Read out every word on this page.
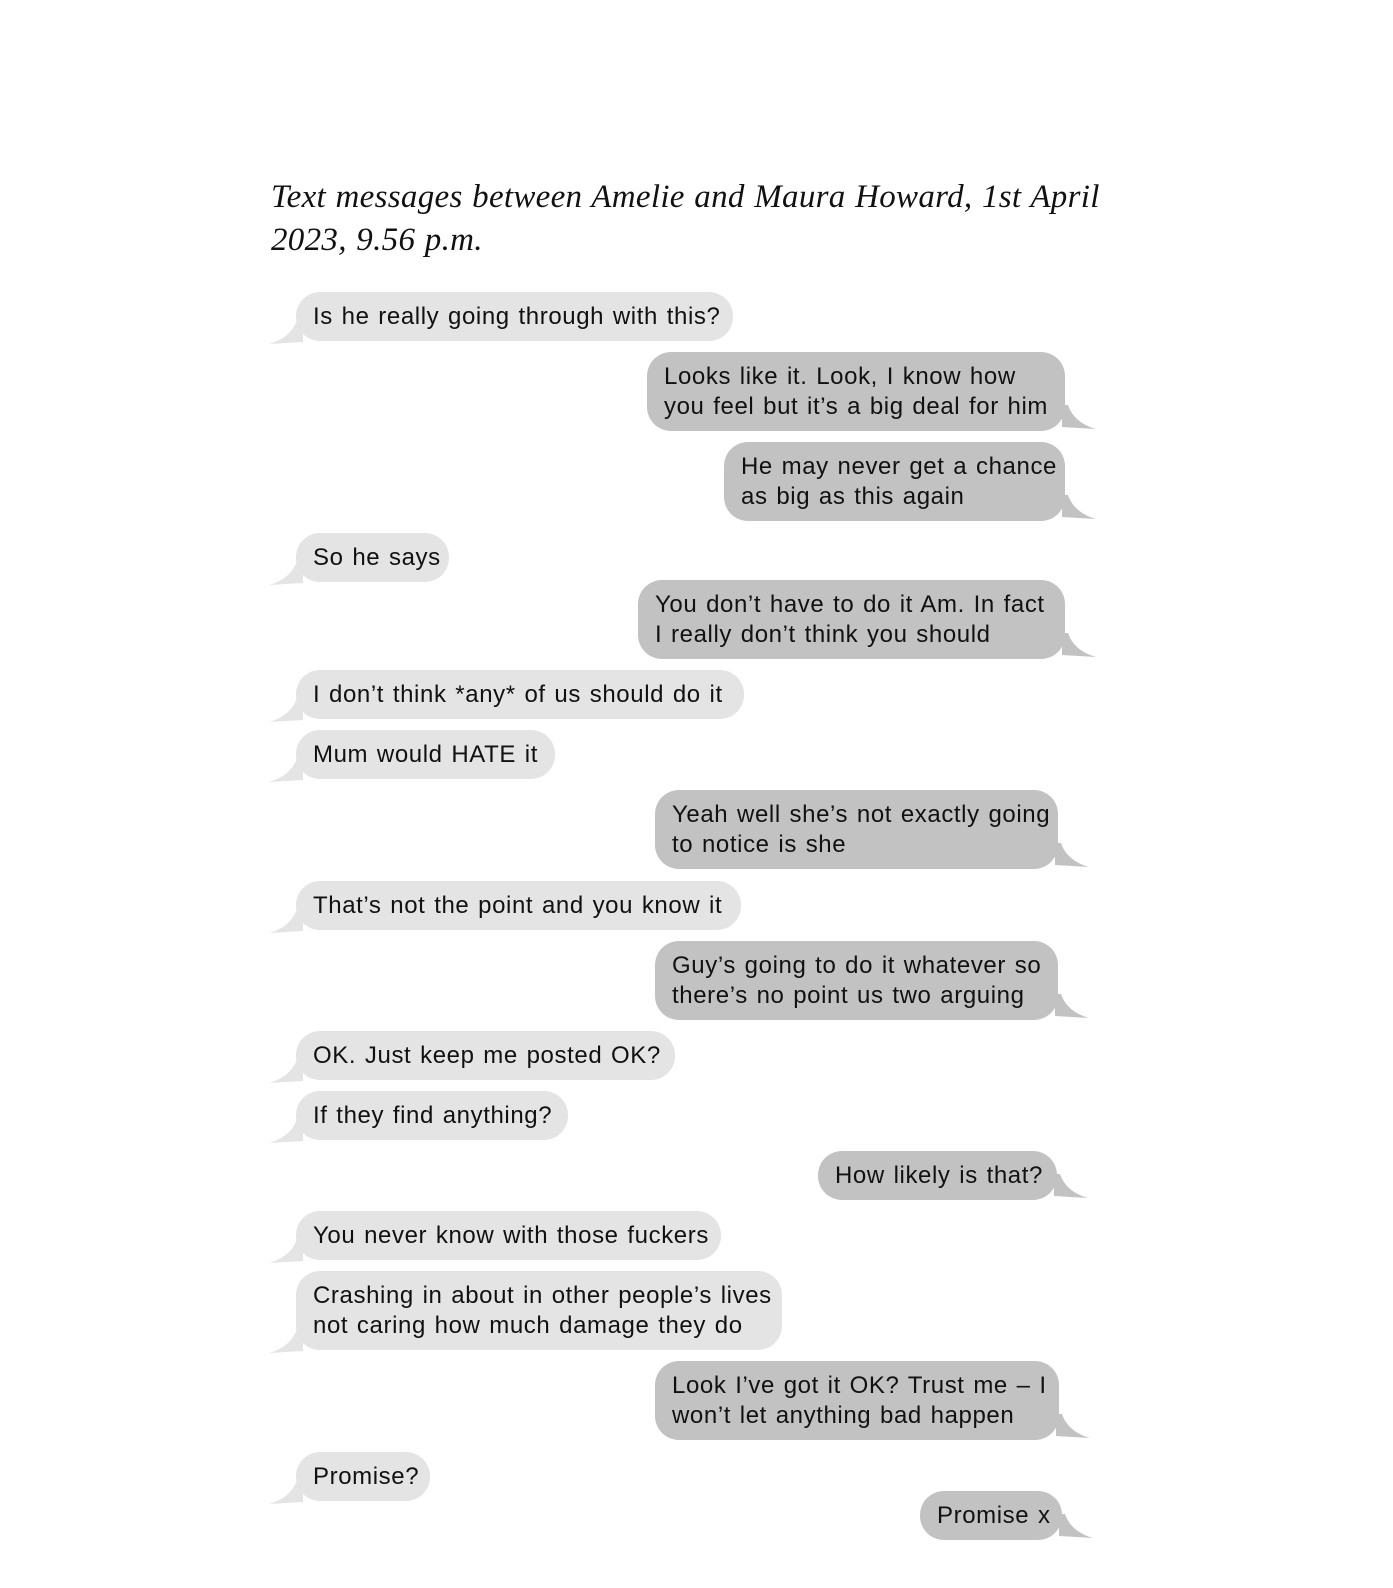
Text messages between Amelie and Maura Howard, 1st April
2023, 9.56 p.m.
Is he really going through with this?
Looks like it. Look, I know how
you feel but it’s a big deal for him
He may never get a chance
as big as this again
So he says
You don’t have to do it Am. In fact
I really don’t think you should
I don’t think *any* of us should do it
Mum would HATE it
Yeah well she’s not exactly going
to notice is she
That’s not the point and you know it
Guy’s going to do it whatever so
there’s no point us two arguing
OK. Just keep me posted OK?
If they find anything?
How likely is that?
You never know with those fuckers
Crashing in about in other people’s lives
not caring how much damage they do
Look I’ve got it OK? Trust me – I
won’t let anything bad happen
Promise?
Promise x
